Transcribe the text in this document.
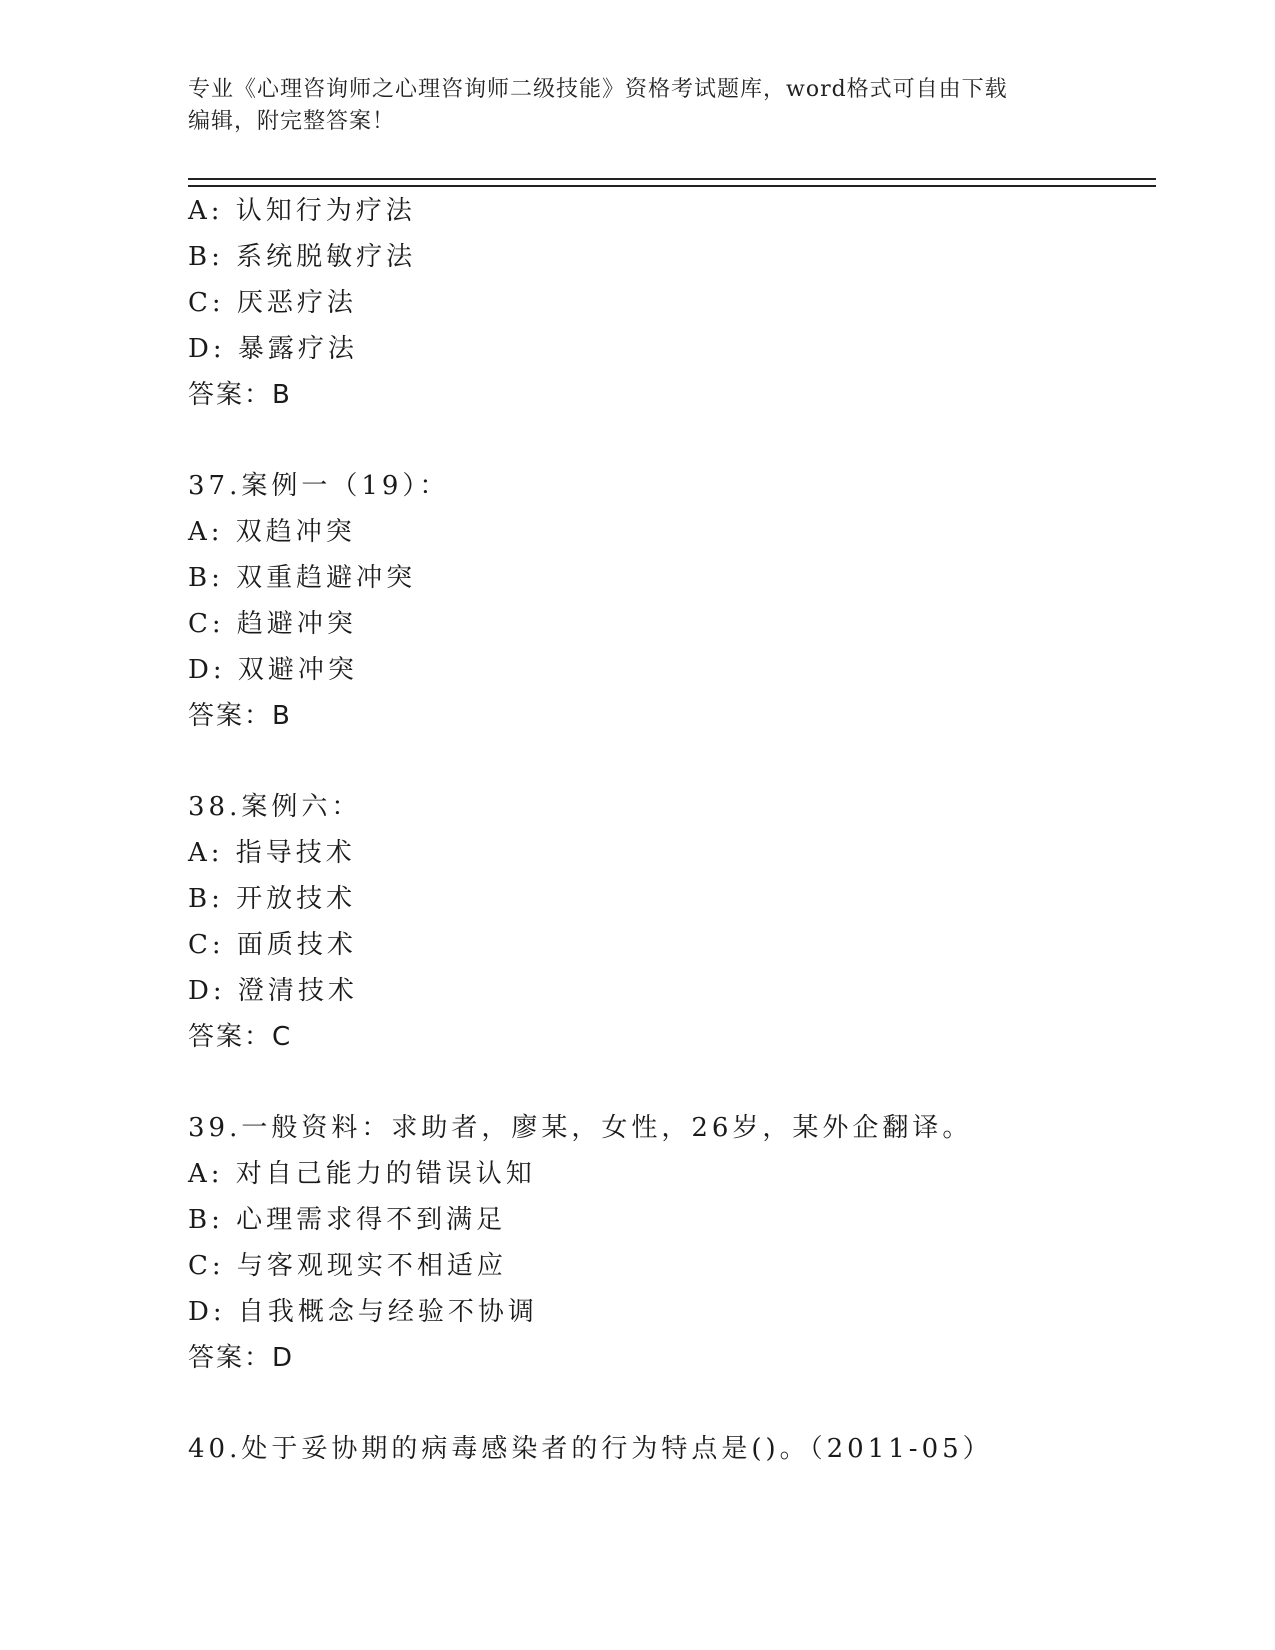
专业《心理咨询师之心理咨询师二级技能》资格考试题库，word格式可自由下载
编辑，附完整答案！
A: 认知行为疗法
B: 系统脱敏疗法
C: 厌恶疗法
D: 暴露疗法
答案：B
37.案例一（19）：
A: 双趋冲突
B: 双重趋避冲突
C: 趋避冲突
D: 双避冲突
答案：B
38.案例六：
A: 指导技术
B: 开放技术
C: 面质技术
D: 澄清技术
答案：C
39.一般资料：求助者，廖某，女性，26岁，某外企翻译。
A: 对自己能力的错误认知
B: 心理需求得不到满足
C: 与客观现实不相适应
D: 自我概念与经验不协调
答案：D
40.处于妥协期的病毒感染者的行为特点是()。（2011-05）
